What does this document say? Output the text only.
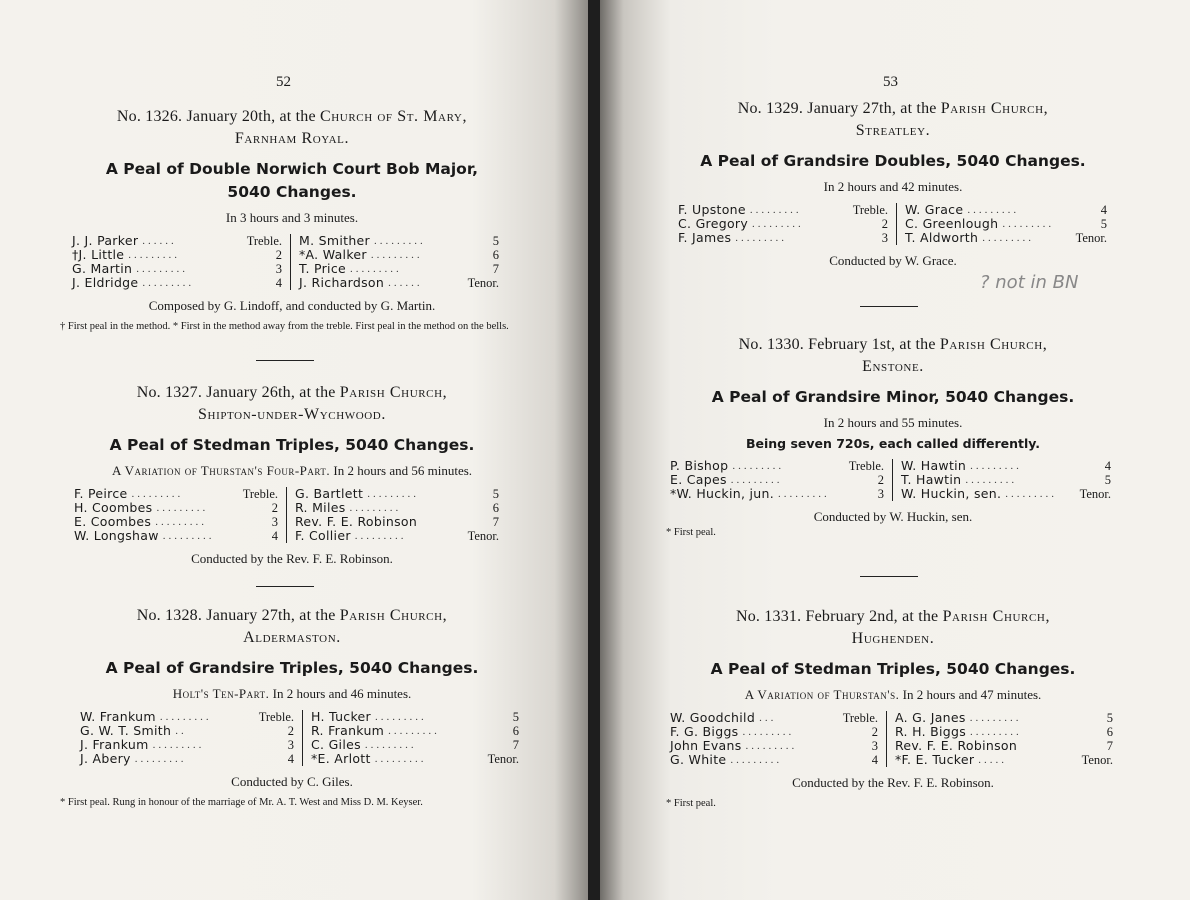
52
No. 1326. January 20th, at the Church of St. Mary,
Farnham Royal.
A Peal of Double Norwich Court Bob Major,
5040 Changes.
In 3 hours and 3 minutes.
J. J. Parker ......	Treble.
†J. Little .........	2
G. Martin .........	3
J. Eldridge .........	4
M. Smither .........	5
*A. Walker .........	6
T. Price .........	7
J. Richardson ......	Tenor.
Composed by G. Lindoff, and conducted by G. Martin.
† First peal in the method. * First in the method away from the treble. First peal in the method on the bells.
No. 1327. January 26th, at the Parish Church,
Shipton-under-Wychwood.
A Peal of Stedman Triples, 5040 Changes.
A Variation of Thurstan's Four-Part. In 2 hours and 56 minutes.
F. Peirce .........	Treble.
H. Coombes .........	2
E. Coombes .........	3
W. Longshaw .........	4
G. Bartlett .........	5
R. Miles .........	6
Rev. F. E. Robinson	7
F. Collier .........	Tenor.
Conducted by the Rev. F. E. Robinson.
No. 1328. January 27th, at the Parish Church,
Aldermaston.
A Peal of Grandsire Triples, 5040 Changes.
Holt's Ten-Part. In 2 hours and 46 minutes.
W. Frankum .........	Treble.
G. W. T. Smith ..	2
J. Frankum .........	3
J. Abery .........	4
H. Tucker .........	5
R. Frankum .........	6
C. Giles .........	7
*E. Arlott .........	Tenor.
Conducted by C. Giles.
* First peal. Rung in honour of the marriage of Mr. A. T. West and Miss D. M. Keyser.
53
No. 1329. January 27th, at the Parish Church,
Streatley.
A Peal of Grandsire Doubles, 5040 Changes.
In 2 hours and 42 minutes.
F. Upstone .........	Treble.
C. Gregory .........	2
F. James .........	3
W. Grace .........	4
C. Greenlough .........	5
T. Aldworth .........	Tenor.
Conducted by W. Grace.
? not in BN
No. 1330. February 1st, at the Parish Church,
Enstone.
A Peal of Grandsire Minor, 5040 Changes.
In 2 hours and 55 minutes.
Being seven 720s, each called differently.
P. Bishop .........	Treble.
E. Capes .........	2
*W. Huckin, jun. .........	3
W. Hawtin .........	4
T. Hawtin .........	5
W. Huckin, sen. .........	Tenor.
Conducted by W. Huckin, sen.
* First peal.
No. 1331. February 2nd, at the Parish Church,
Hughenden.
A Peal of Stedman Triples, 5040 Changes.
A Variation of Thurstan's. In 2 hours and 47 minutes.
W. Goodchild ...	Treble.
F. G. Biggs .........	2
John Evans .........	3
G. White .........	4
A. G. Janes .........	5
R. H. Biggs .........	6
Rev. F. E. Robinson	7
*F. E. Tucker .....	Tenor.
Conducted by the Rev. F. E. Robinson.
* First peal.
